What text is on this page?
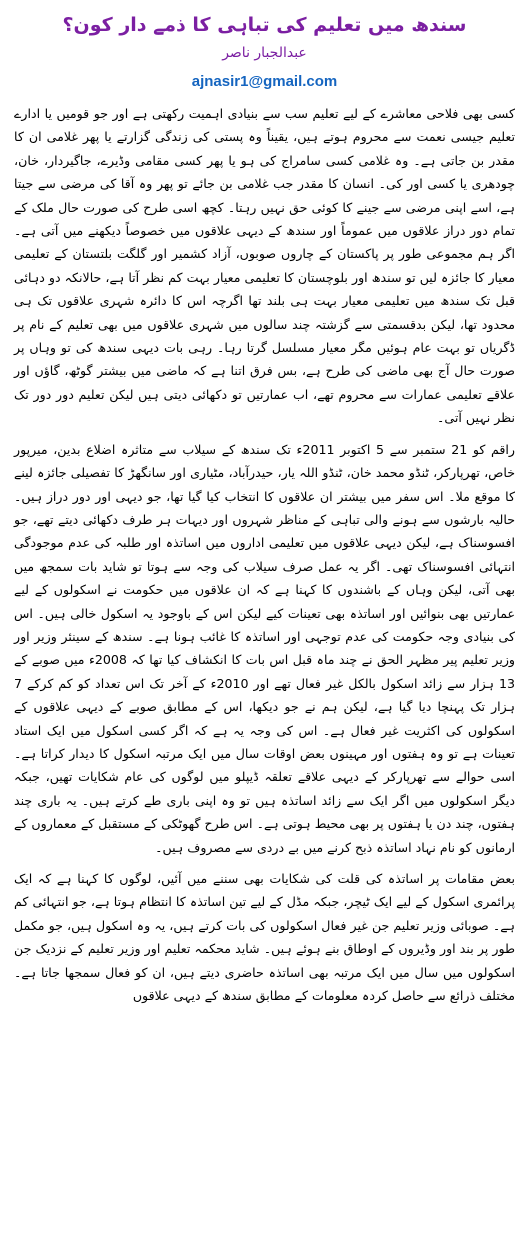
سندھ میں تعلیم کی تباہی کا ذمے دار کون؟
عبدالجبار ناصر
ajnasir1@gmail.com

کسی بھی فلاحی معاشرے کے لیے تعلیم سب سے بنیادی اہمیت رکھتی ہے اور جو قومیں یا ادارے تعلیم جیسی نعمت سے محروم ہوتے ہیں، یقیناً وہ پستی کی زندگی گزارتے یا پھر غلامی ان کا مقدر بن جاتی ہے۔ وہ غلامی کسی سامراج کی ہو یا پھر کسی مقامی وڈیرے، جاگیردار، خان، چودھری یا کسی اور کی۔ انسان کا مقدر جب غلامی بن جائے تو پھر وہ آقا کی مرضی سے جیتا ہے، اسے اپنی مرضی سے جینے کا کوئی حق نہیں رہتا۔ کچھ اسی طرح کی صورت حال ملک کے تمام دور دراز علاقوں میں عموماً اور سندھ کے دیہی علاقوں میں خصوصاً دیکھنے میں آتی ہے۔ اگر ہم مجموعی طور پر پاکستان کے چاروں صوبوں، آزاد کشمیر اور گلگت بلتستان کے تعلیمی معیار کا جائزہ لیں تو سندھ اور بلوچستان کا تعلیمی معیار بہت کم نظر آتا ہے، حالانکہ دو دہائی قبل تک سندھ میں تعلیمی معیار بہت ہی بلند تھا اگرچہ اس کا دائرہ شہری علاقوں تک ہی محدود تھا، لیکن بدقسمتی سے گزشتہ چند سالوں میں شہری علاقوں میں بھی تعلیم کے نام پر ڈگریاں تو بہت عام ہوئیں مگر معیار مسلسل گرتا رہا۔ رہی بات دیہی سندھ کی تو وہاں پر صورت حال آج بھی ماضی کی طرح ہے، بس فرق اتنا ہے کہ ماضی میں بیشتر گوٹھ، گاؤں اور علاقے تعلیمی عمارات سے محروم تھے، اب عمارتیں تو دکھائی دیتی ہیں لیکن تعلیم دور دور تک نظر نہیں آتی۔

راقم کو 21 ستمبر سے 5 اکتوبر 2011ء تک سندھ کے سیلاب سے متاثرہ اضلاع بدین، میرپور خاص، تھرپارکر، ٹنڈو محمد خان، ٹنڈو اللہ یار، حیدرآباد، مٹیاری اور سانگھڑ کا تفصیلی جائزہ لینے کا موقع ملا۔ اس سفر میں بیشتر ان علاقوں کا انتخاب کیا گیا تھا، جو دیہی اور دور دراز ہیں۔ حالیہ بارشوں سے ہونے والی تباہی کے مناظر شہروں اور دیہات ہر طرف دکھائی دیتے تھے، جو افسوسناک ہے، لیکن دیہی علاقوں میں تعلیمی اداروں میں اساتذہ اور طلبہ کی عدم موجودگی انتہائی افسوسناک تھی۔ اگر یہ عمل صرف سیلاب کی وجہ سے ہوتا تو شاید بات سمجھ میں بھی آتی، لیکن وہاں کے باشندوں کا کہنا ہے کہ ان علاقوں میں حکومت نے اسکولوں کے لیے عمارتیں بھی بنوائیں اور اساتذہ بھی تعینات کیے لیکن اس کے باوجود یہ اسکول خالی ہیں۔ اس کی بنیادی وجہ حکومت کی عدم توجہی اور اساتذہ کا غائب ہونا ہے۔ سندھ کے سینئر وزیر اور وزیر تعلیم پیر مظہر الحق نے چند ماہ قبل اس بات کا انکشاف کیا تھا کہ 2008ء میں صوبے کے 13 ہزار سے زائد اسکول بالکل غیر فعال تھے اور 2010ء کے آخر تک اس تعداد کو کم کرکے 7 ہزار تک پہنچا دیا گیا ہے، لیکن ہم نے جو دیکھا، اس کے مطابق صوبے کے دیہی علاقوں کے اسکولوں کی اکثریت غیر فعال ہے۔ اس کی وجہ یہ ہے کہ اگر کسی اسکول میں ایک استاد تعینات ہے تو وہ ہفتوں اور مہینوں بعض اوقات سال میں ایک مرتبہ اسکول کا دیدار کراتا ہے۔ اسی حوالے سے تھرپارکر کے دیہی علاقے تعلقہ ڈیپلو میں لوگوں کی عام شکایات تھیں، جبکہ دیگر اسکولوں میں اگر ایک سے زائد اساتذہ ہیں تو وہ اپنی باری طے کرتے ہیں۔ یہ باری چند ہفتوں، چند دن یا ہفتوں پر بھی محیط ہوتی ہے۔ اس طرح گھوٹکی کے مستقبل کے معماروں کے ارمانوں کو نام نہاد اساتذہ ذبح کرنے میں بے دردی سے مصروف ہیں۔

بعض مقامات پر اساتذہ کی قلت کی شکایات بھی سننے میں آئیں، لوگوں کا کہنا ہے کہ ایک پرائمری اسکول کے لیے ایک ٹیچر، جبکہ مڈل کے لیے تین اساتذہ کا انتظام ہوتا ہے، جو انتہائی کم ہے۔ صوبائی وزیر تعلیم جن غیر فعال اسکولوں کی بات کرتے ہیں، یہ وہ اسکول ہیں، جو مکمل طور پر بند اور وڈیروں کے اوطاق بنے ہوئے ہیں۔ شاید محکمہ تعلیم اور وزیر تعلیم کے نزدیک جن اسکولوں میں سال میں ایک مرتبہ بھی اساتذہ حاضری دیتے ہیں، ان کو فعال سمجھا جاتا ہے۔ مختلف ذرائع سے حاصل کردہ معلومات کے مطابق سندھ کے دیہی علاقوں
